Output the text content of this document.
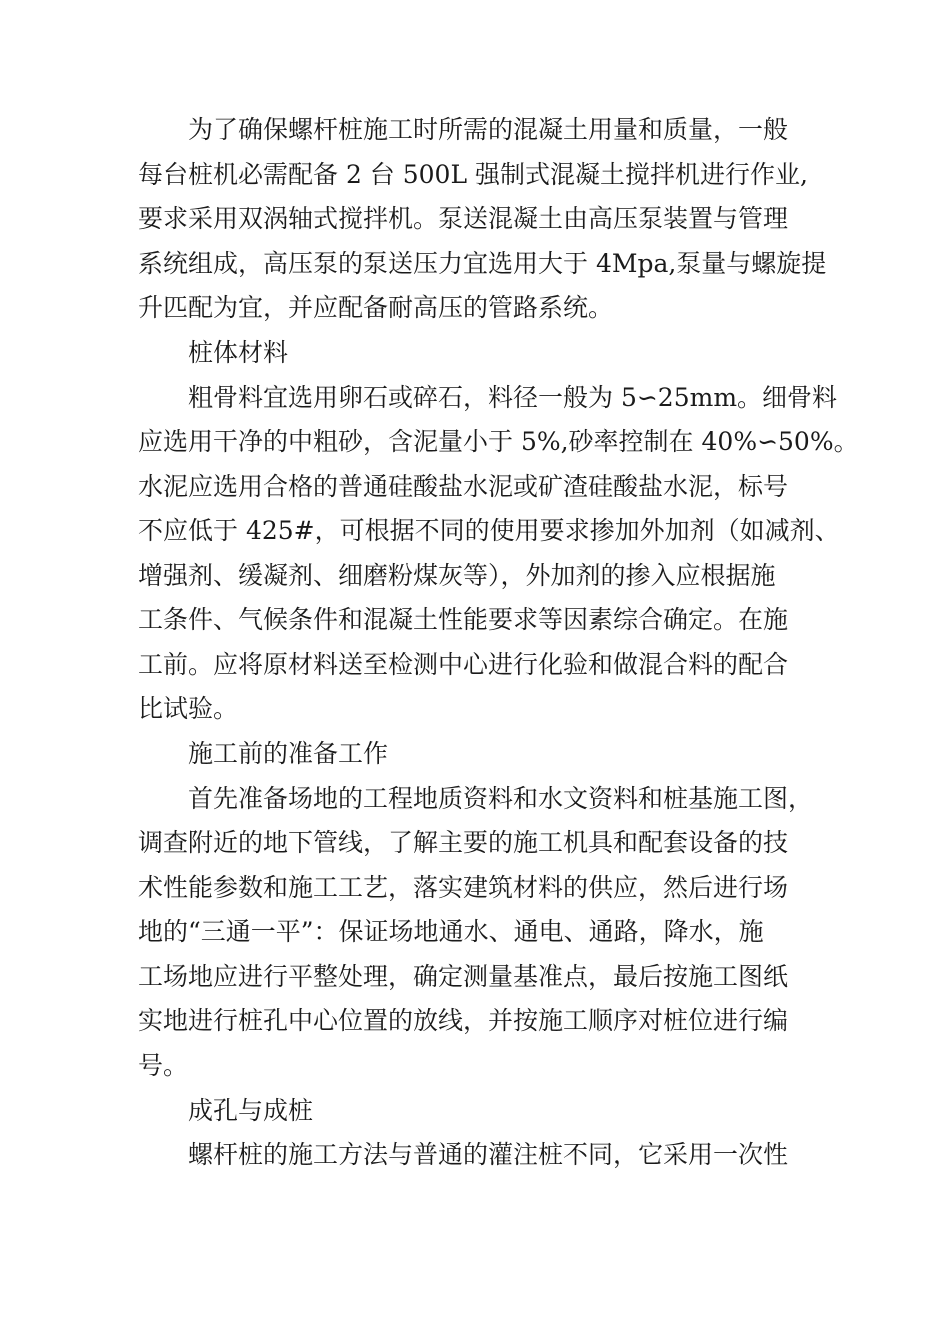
为了确保螺杆桩施工时所需的混凝土用量和质量，一般
每台桩机必需配备 2 台 500L 强制式混凝土搅拌机进行作业,
要求采用双涡轴式搅拌机。泵送混凝土由高压泵装置与管理
系统组成，高压泵的泵送压力宜选用大于 4Mpa,泵量与螺旋提
升匹配为宜，并应配备耐高压的管路系统。
桩体材料
粗骨料宜选用卵石或碎石，料径一般为 5∽25mm。细骨料
应选用干净的中粗砂，含泥量小于 5%,砂率控制在 40%∽50%。
水泥应选用合格的普通硅酸盐水泥或矿渣硅酸盐水泥，标号
不应低于 425#，可根据不同的使用要求掺加外加剂（如减剂、
增强剂、缓凝剂、细磨粉煤灰等），外加剂的掺入应根据施
工条件、气候条件和混凝土性能要求等因素综合确定。在施
工前。应将原材料送至检测中心进行化验和做混合料的配合
比试验。
施工前的准备工作
首先准备场地的工程地质资料和水文资料和桩基施工图，
调查附近的地下管线，了解主要的施工机具和配套设备的技
术性能参数和施工工艺，落实建筑材料的供应，然后进行场
地的“三通一平”：保证场地通水、通电、通路，降水，施
工场地应进行平整处理，确定测量基准点，最后按施工图纸
实地进行桩孔中心位置的放线，并按施工顺序对桩位进行编
号。
成孔与成桩
螺杆桩的施工方法与普通的灌注桩不同，它采用一次性
